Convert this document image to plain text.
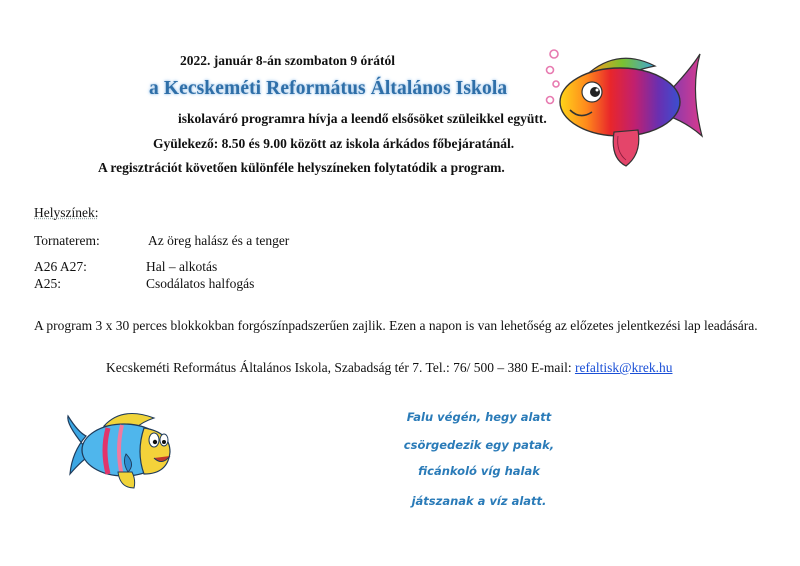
2022. január 8-án szombaton 9 órától
a Kecskeméti Református Általános Iskola
iskolaváró programra hívja a leendő elsősöket szüleikkel együtt.
Gyülekező: 8.50 és 9.00 között az iskola árkádos főbejáratánál.
A regisztrációt követően különféle helyszíneken folytatódik a program.
Helyszínek:
Tornaterem:	Az öreg halász és a tenger
A26 A27:	Hal – alkotás
A25:	Csodálatos halfogás
A program 3 x 30 perces blokkokban forgószínpadszerűen zajlik. Ezen a napon is van lehetőség az előzetes jelentkezési lap leadására.
Kecskeméti Református Általános Iskola, Szabadság tér 7. Tel.: 76/ 500 – 380 E-mail: refaltisk@krek.hu
Falu végén, hegy alatt
csörgedezik egy patak,
ficánkoló víg halak
játszanak a víz alatt.
